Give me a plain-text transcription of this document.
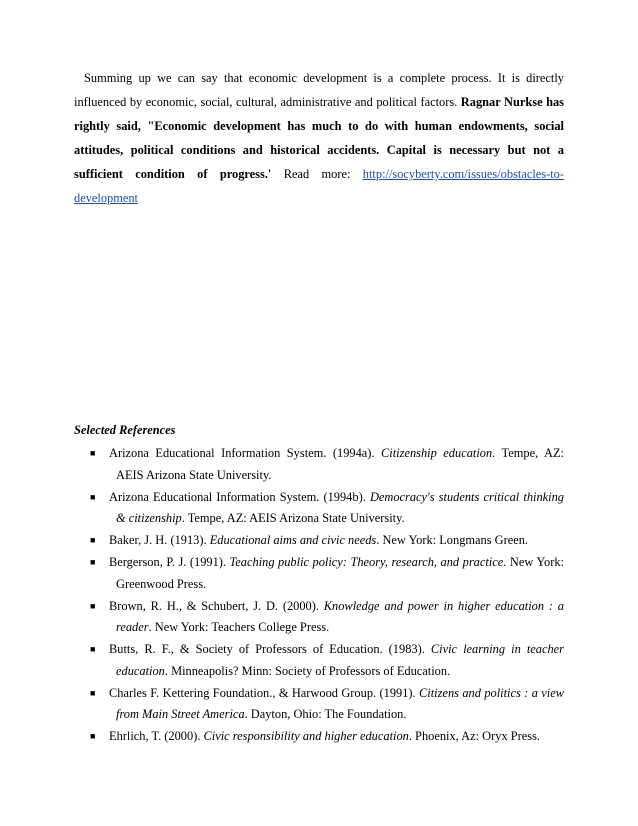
Summing up we can say that economic development is a complete process. It is directly influenced by economic, social, cultural, administrative and political factors. Ragnar Nurkse has rightly said, "Economic development has much to do with human endowments, social attitudes, political conditions and historical accidents. Capital is necessary but not a sufficient condition of progress.' Read more: http://socyberty.com/issues/obstacles-to-development

Selected References

■ Arizona Educational Information System. (1994a). Citizenship education. Tempe, AZ: AEIS Arizona State University.
■ Arizona Educational Information System. (1994b). Democracy's students critical thinking & citizenship. Tempe, AZ: AEIS Arizona State University.
■ Baker, J. H. (1913). Educational aims and civic needs. New York: Longmans Green.
■ Bergerson, P. J. (1991). Teaching public policy: Theory, research, and practice. New York: Greenwood Press.
■ Brown, R. H., & Schubert, J. D. (2000). Knowledge and power in higher education : a reader. New York: Teachers College Press.
■ Butts, R. F., & Society of Professors of Education. (1983). Civic learning in teacher education. Minneapolis? Minn: Society of Professors of Education.
■ Charles F. Kettering Foundation., & Harwood Group. (1991). Citizens and politics : a view from Main Street America. Dayton, Ohio: The Foundation.
■ Ehrlich, T. (2000). Civic responsibility and higher education. Phoenix, Az: Oryx Press.
